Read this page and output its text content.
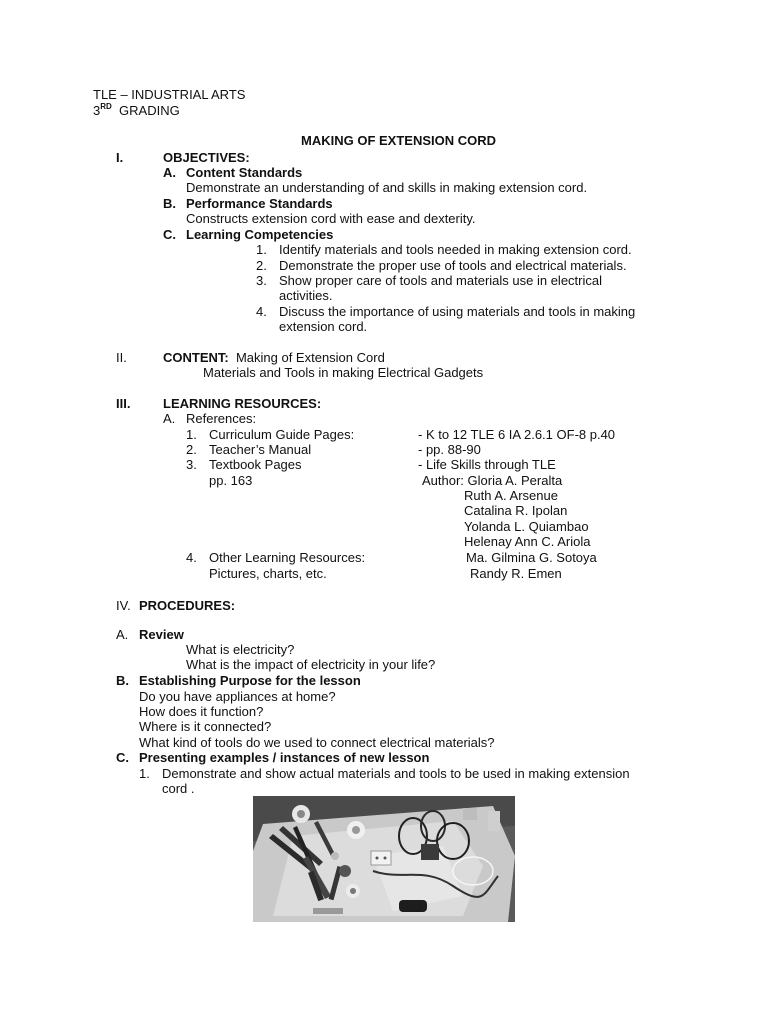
TLE – INDUSTRIAL ARTS
3RD GRADING
MAKING OF EXTENSION CORD
I.	OBJECTIVES:
A. Content Standards
Demonstrate an understanding of and skills in making extension cord.
B. Performance Standards
Constructs extension cord with ease and dexterity.
C. Learning Competencies
1. Identify materials and tools needed in making extension cord.
2. Demonstrate the proper use of tools and electrical materials.
3. Show proper care of tools and materials use in electrical
activities.
4. Discuss the importance of using materials and tools in making
extension cord.
II.	CONTENT: Making of Extension Cord
Materials and Tools in making Electrical Gadgets
III.	LEARNING RESOURCES:
A. References:
1. Curriculum Guide Pages:	- K to 12 TLE 6 IA 2.6.1 OF-8 p.40
2. Teacher’s Manual	- pp. 88-90
3. Textbook Pages	- Life Skills through TLE
pp. 163	Author: Gloria A. Peralta
Ruth A. Arsenue
Catalina R. Ipolan
Yolanda L. Quiambao
Helenay Ann C. Ariola
4. Other Learning Resources:	Ma. Gilmina G. Sotoya
Pictures, charts, etc.	Randy R. Emen
IV. PROCEDURES:
A. Review
What is electricity?
What is the impact of electricity in your life?
B. Establishing Purpose for the lesson
Do you have appliances at home?
How does it function?
Where is it connected?
What kind of tools do we used to connect electrical materials?
C. Presenting examples / instances of new lesson
1. Demonstrate and show actual materials and tools to be used in making extension
cord .
